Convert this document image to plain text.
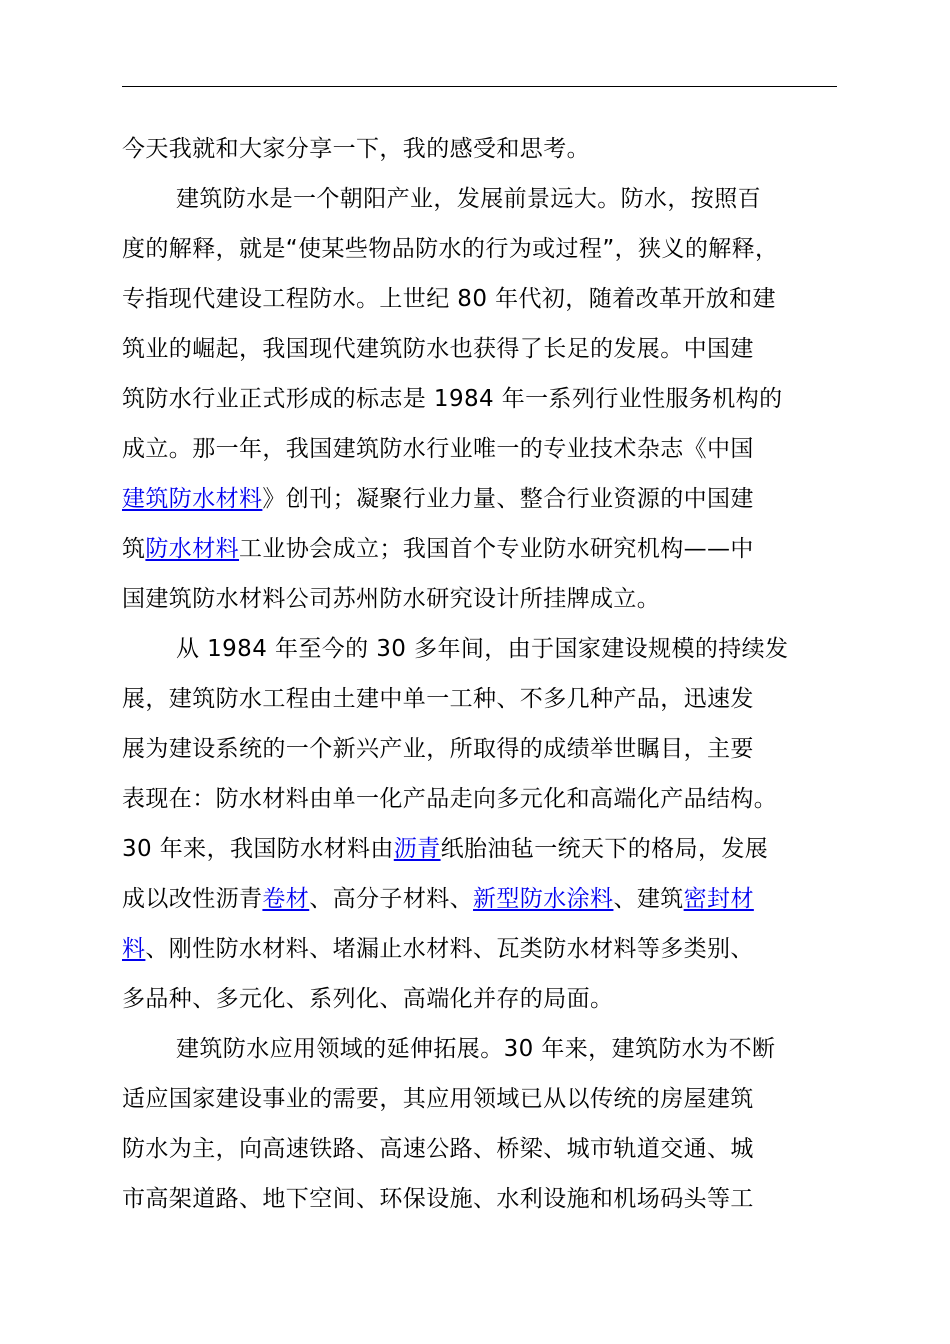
今天我就和大家分享一下，我的感受和思考。
建筑防水是一个朝阳产业，发展前景远大。防水，按照百
度的解释，就是“使某些物品防水的行为或过程”，狭义的解释，
专指现代建设工程防水。上世纪 80 年代初，随着改革开放和建
筑业的崛起，我国现代建筑防水也获得了长足的发展。中国建
筑防水行业正式形成的标志是 1984 年一系列行业性服务机构的
成立。那一年，我国建筑防水行业唯一的专业技术杂志《中国
建筑防水材料》创刊；凝聚行业力量、整合行业资源的中国建
筑防水材料工业协会成立；我国首个专业防水研究机构——中
国建筑防水材料公司苏州防水研究设计所挂牌成立。
从 1984 年至今的 30 多年间，由于国家建设规模的持续发
展，建筑防水工程由土建中单一工种、不多几种产品，迅速发
展为建设系统的一个新兴产业，所取得的成绩举世瞩目，主要
表现在：防水材料由单一化产品走向多元化和高端化产品结构。
30 年来，我国防水材料由沥青纸胎油毡一统天下的格局，发展
成以改性沥青卷材、高分子材料、新型防水涂料、建筑密封材
料、刚性防水材料、堵漏止水材料、瓦类防水材料等多类别、
多品种、多元化、系列化、高端化并存的局面。
建筑防水应用领域的延伸拓展。30 年来，建筑防水为不断
适应国家建设事业的需要，其应用领域已从以传统的房屋建筑
防水为主，向高速铁路、高速公路、桥梁、城市轨道交通、城
市高架道路、地下空间、环保设施、水利设施和机场码头等工
